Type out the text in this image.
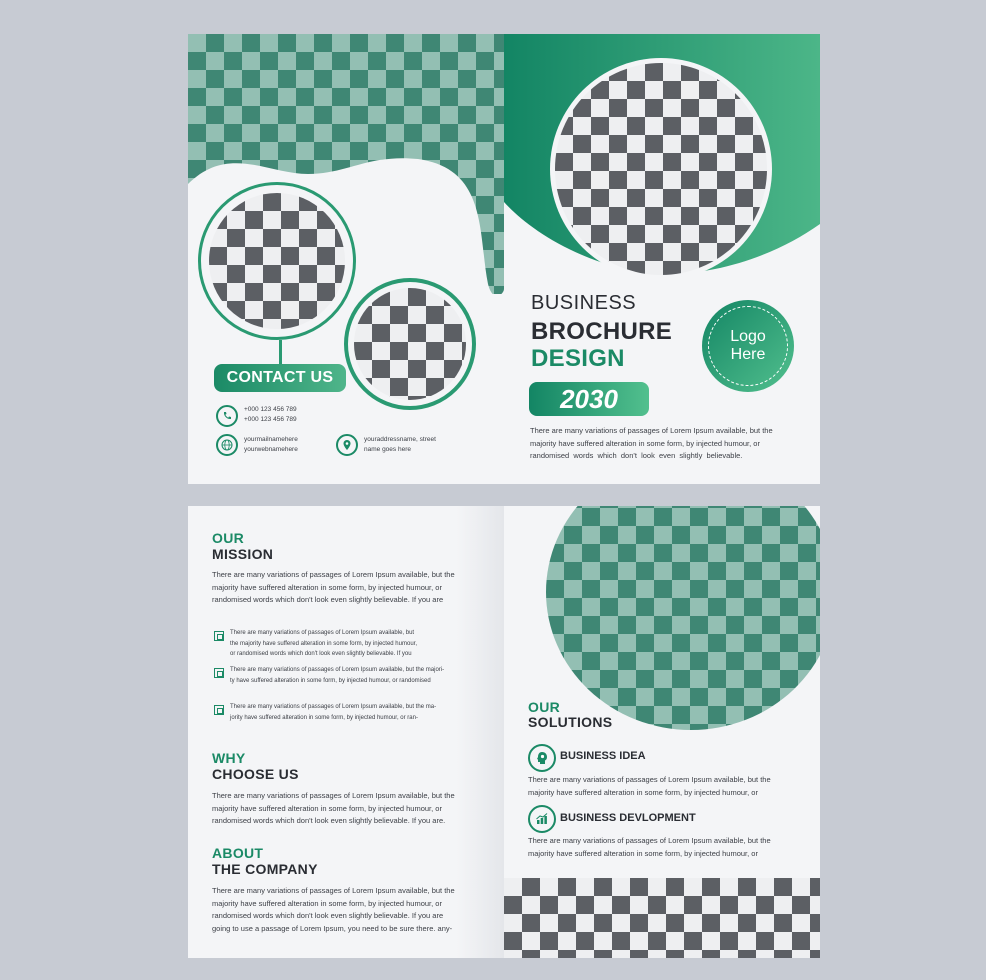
CONTACT US
+000 123 456 789
+000 123 456 789
yourmailnamehere
yourwebnamehere
youraddressname, street
name goes here
BUSINESS
BROCHURE
DESIGN
2030
Logo
Here
There are many variations of passages of Lorem Ipsum available, but the
majority have suffered alteration in some form, by injected humour, or
randomised  words  which  don't  look  even  slightly  believable.
OUR
MISSION
There are many variations of passages of Lorem Ipsum available, but the
majority have suffered alteration in some form, by injected humour, or
randomised words which don't look even slightly believable. If you are
There are many variations of passages of Lorem Ipsum available, but
the majority have suffered alteration in some form, by injected humour,
or randomised words which don't look even slightly believable. If you
There are many variations of passages of Lorem Ipsum available, but the majori-
ty have suffered alteration in some form, by injected humour, or randomised
There are many variations of passages of Lorem Ipsum available, but the ma-
jority have suffered alteration in some form, by injected humour, or ran-
WHY
CHOOSE US
There are many variations of passages of Lorem Ipsum available, but the
majority have suffered alteration in some form, by injected humour, or
randomised words which don't look even slightly believable. If you are.
ABOUT
THE COMPANY
There are many variations of passages of Lorem Ipsum available, but the
majority have suffered alteration in some form, by injected humour, or
randomised words which don't look even slightly believable. If you are
going to use a passage of Lorem Ipsum, you need to be sure there. any-
OUR
SOLUTIONS
BUSINESS IDEA
There are many variations of passages of Lorem Ipsum available, but the
majority have suffered alteration in some form, by injected humour, or
BUSINESS DEVLOPMENT
There are many variations of passages of Lorem Ipsum available, but the
majority have suffered alteration in some form, by injected humour, or
